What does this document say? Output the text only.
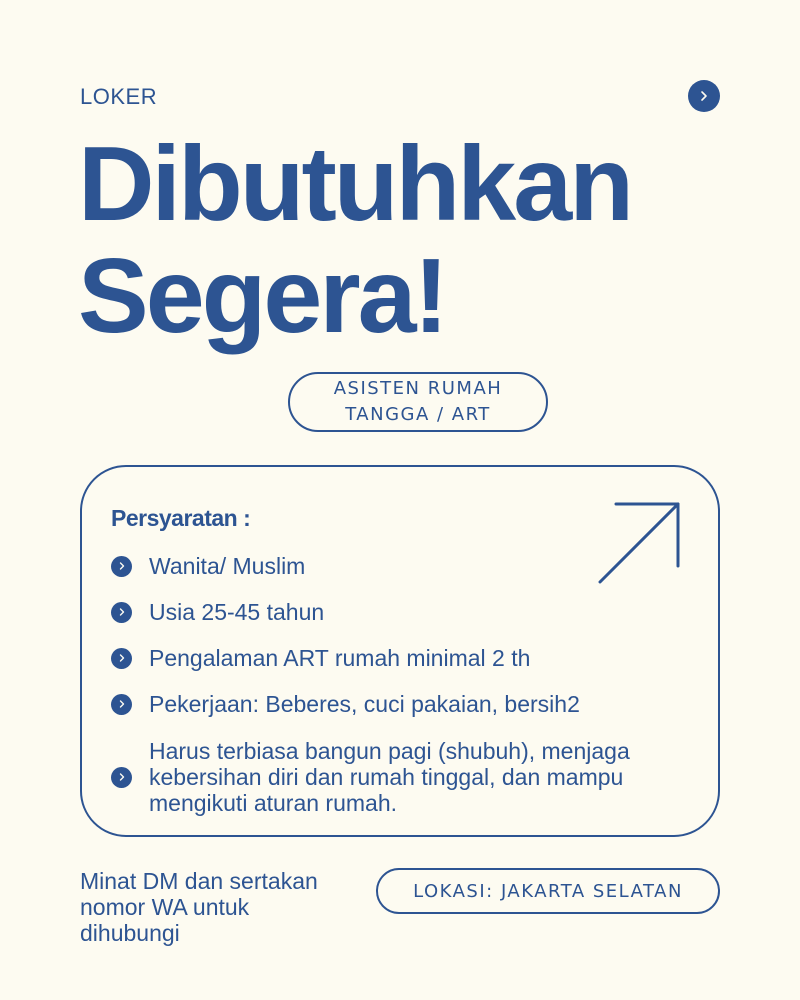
LOKER
Dibutuhkan
Segera!
ASISTEN RUMAH
TANGGA / ART
Persyaratan :
Wanita/ Muslim
Usia 25-45 tahun
Pengalaman ART rumah minimal 2 th
Pekerjaan: Beberes, cuci pakaian, bersih2
Harus terbiasa bangun pagi (shubuh), menjaga kebersihan diri dan rumah tinggal, dan mampu mengikuti aturan rumah.
Minat DM dan sertakan
nomor WA untuk
dihubungi
LOKASI: JAKARTA SELATAN
